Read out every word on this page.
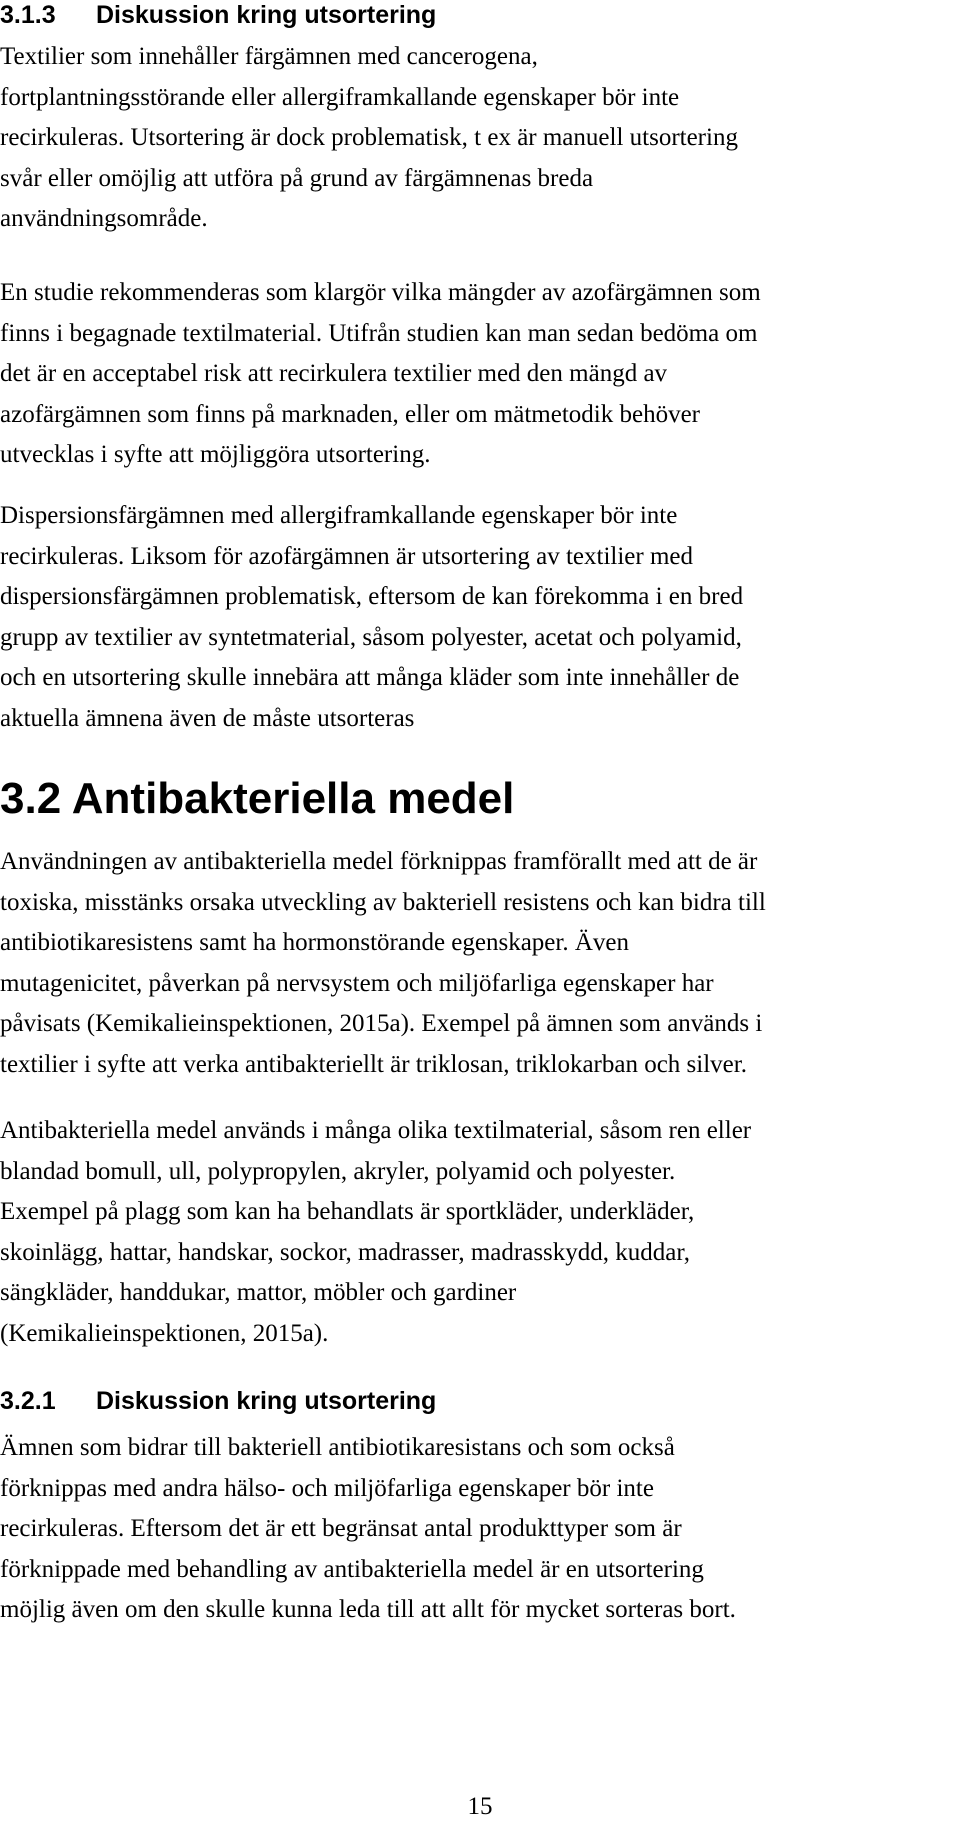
3.1.3 Diskussion kring utsortering

Textilier som innehåller färgämnen med cancerogena,
fortplantningsstörande eller allergiframkallande egenskaper bör inte
recirkuleras. Utsortering är dock problematisk, t ex är manuell utsortering
svår eller omöjlig att utföra på grund av färgämnenas breda
användningsområde.

En studie rekommenderas som klargör vilka mängder av azofärgämnen som
finns i begagnade textilmaterial. Utifrån studien kan man sedan bedöma om
det är en acceptabel risk att recirkulera textilier med den mängd av
azofärgämnen som finns på marknaden, eller om mätmetodik behöver
utvecklas i syfte att möjliggöra utsortering.

Dispersionsfärgämnen med allergiframkallande egenskaper bör inte
recirkuleras. Liksom för azofärgämnen är utsortering av textilier med
dispersionsfärgämnen problematisk, eftersom de kan förekomma i en bred
grupp av textilier av syntetmaterial, såsom polyester, acetat och polyamid,
och en utsortering skulle innebära att många kläder som inte innehåller de
aktuella ämnena även de måste utsorteras

3.2 Antibakteriella medel

Användningen av antibakteriella medel förknippas framförallt med att de är
toxiska, misstänks orsaka utveckling av bakteriell resistens och kan bidra till
antibiotikaresistens samt ha hormonstörande egenskaper. Även
mutagenicitet, påverkan på nervsystem och miljöfarliga egenskaper har
påvisats (Kemikalieinspektionen, 2015a). Exempel på ämnen som används i
textilier i syfte att verka antibakteriellt är triklosan, triklokarban och silver.

Antibakteriella medel används i många olika textilmaterial, såsom ren eller
blandad bomull, ull, polypropylen, akryler, polyamid och polyester.
Exempel på plagg som kan ha behandlats är sportkläder, underkläder,
skoinlägg, hattar, handskar, sockor, madrasser, madrasskydd, kuddar,
sängkläder, handdukar, mattor, möbler och gardiner
(Kemikalieinspektionen, 2015a).

3.2.1 Diskussion kring utsortering

Ämnen som bidrar till bakteriell antibiotikaresistans och som också
förknippas med andra hälso- och miljöfarliga egenskaper bör inte
recirkuleras. Eftersom det är ett begränsat antal produkttyper som är
förknippade med behandling av antibakteriella medel är en utsortering
möjlig även om den skulle kunna leda till att allt för mycket sorteras bort.

15
